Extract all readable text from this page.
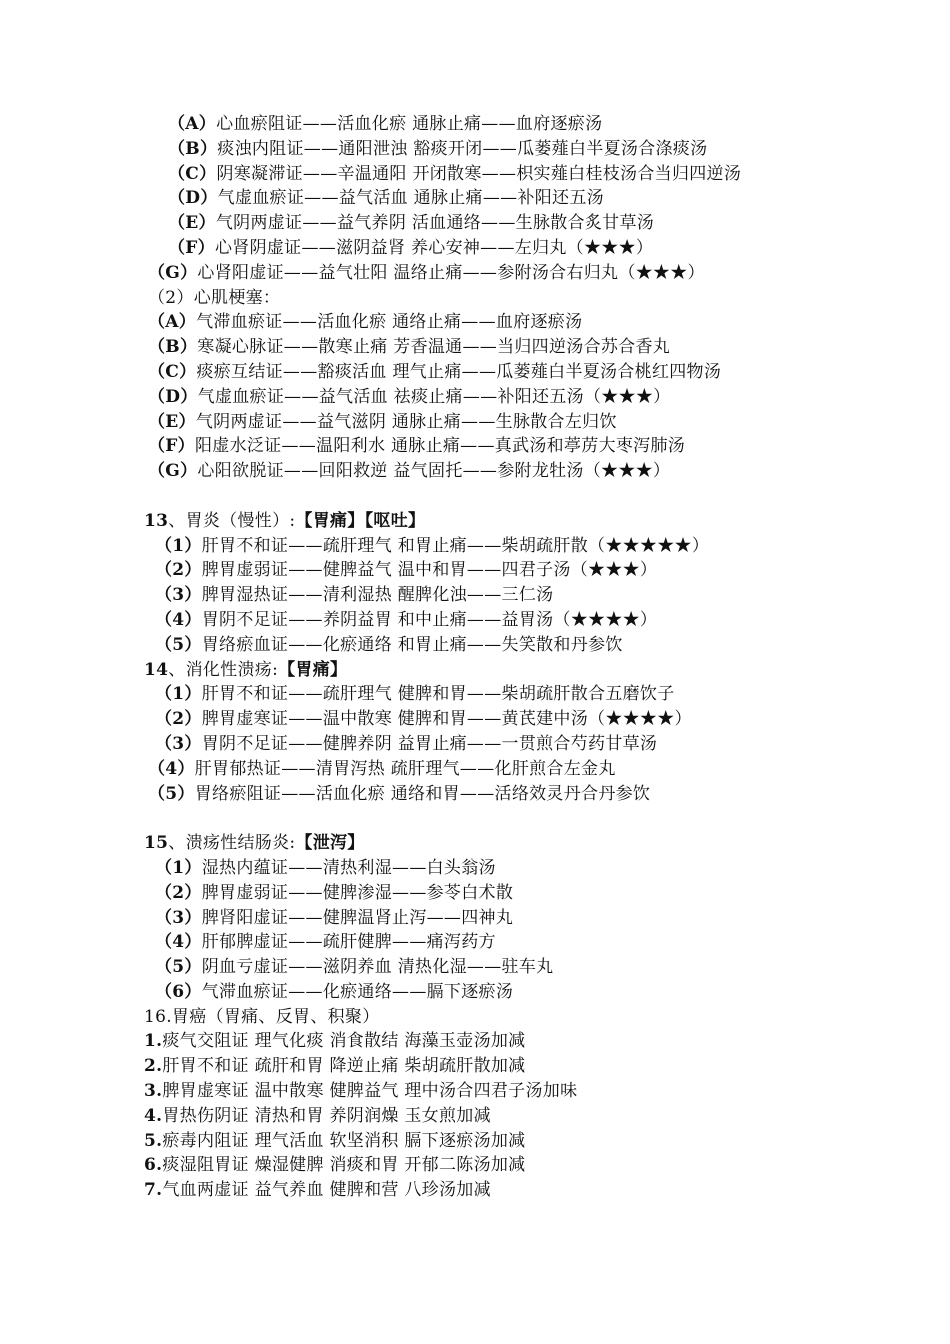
（A）心血瘀阻证——活血化瘀 通脉止痛——血府逐瘀汤
（B）痰浊内阻证——通阳泄浊 豁痰开闭——瓜蒌薤白半夏汤合涤痰汤
（C）阴寒凝滞证——辛温通阳 开闭散寒——枳实薤白桂枝汤合当归四逆汤
（D）气虚血瘀证——益气活血 通脉止痛——补阳还五汤
（E）气阴两虚证——益气养阴 活血通络——生脉散合炙甘草汤
（F）心肾阴虚证——滋阴益肾 养心安神——左归丸（★★★）
（G）心肾阳虚证——益气壮阳 温络止痛——参附汤合右归丸（★★★）
（2）心肌梗塞：
（A）气滞血瘀证——活血化瘀 通络止痛——血府逐瘀汤
（B）寒凝心脉证——散寒止痛 芳香温通——当归四逆汤合苏合香丸
（C）痰瘀互结证——豁痰活血 理气止痛——瓜蒌薤白半夏汤合桃红四物汤
（D）气虚血瘀证——益气活血 祛痰止痛——补阳还五汤（★★★）
（E）气阴两虚证——益气滋阴 通脉止痛——生脉散合左归饮
（F）阳虚水泛证——温阳利水 通脉止痛——真武汤和葶苈大枣泻肺汤
（G）心阳欲脱证——回阳救逆 益气固托——参附龙牡汤（★★★）
13、胃炎（慢性）:【胃痛】【呕吐】
（1）肝胃不和证——疏肝理气 和胃止痛——柴胡疏肝散（★★★★★）
（2）脾胃虚弱证——健脾益气 温中和胃——四君子汤（★★★）
（3）脾胃湿热证——清利湿热 醒脾化浊——三仁汤
（4）胃阴不足证——养阴益胃 和中止痛——益胃汤（★★★★）
（5）胃络瘀血证——化瘀通络 和胃止痛——失笑散和丹参饮
14、消化性溃疡:【胃痛】
（1）肝胃不和证——疏肝理气 健脾和胃——柴胡疏肝散合五磨饮子
（2）脾胃虚寒证——温中散寒 健脾和胃——黄芪建中汤（★★★★）
（3）胃阴不足证——健脾养阴 益胃止痛——一贯煎合芍药甘草汤
（4）肝胃郁热证——清胃泻热 疏肝理气——化肝煎合左金丸
（5）胃络瘀阻证——活血化瘀 通络和胃——活络效灵丹合丹参饮
15、溃疡性结肠炎:【泄泻】
（1）湿热内蕴证——清热利湿——白头翁汤
（2）脾胃虚弱证——健脾渗湿——参苓白术散
（3）脾肾阳虚证——健脾温肾止泻——四神丸
（4）肝郁脾虚证——疏肝健脾——痛泻药方
（5）阴血亏虚证——滋阴养血 清热化湿——驻车丸
（6）气滞血瘀证——化瘀通络——膈下逐瘀汤
16.胃癌（胃痛、反胃、积聚）
1.痰气交阻证 理气化痰 消食散结 海藻玉壶汤加减
2.肝胃不和证 疏肝和胃 降逆止痛 柴胡疏肝散加减
3.脾胃虚寒证 温中散寒 健脾益气 理中汤合四君子汤加味
4.胃热伤阴证 清热和胃 养阴润燥 玉女煎加减
5.瘀毒内阻证 理气活血 软坚消积 膈下逐瘀汤加减
6.痰湿阻胃证 燥湿健脾 消痰和胃 开郁二陈汤加减
7.气血两虚证 益气养血 健脾和营 八珍汤加减
